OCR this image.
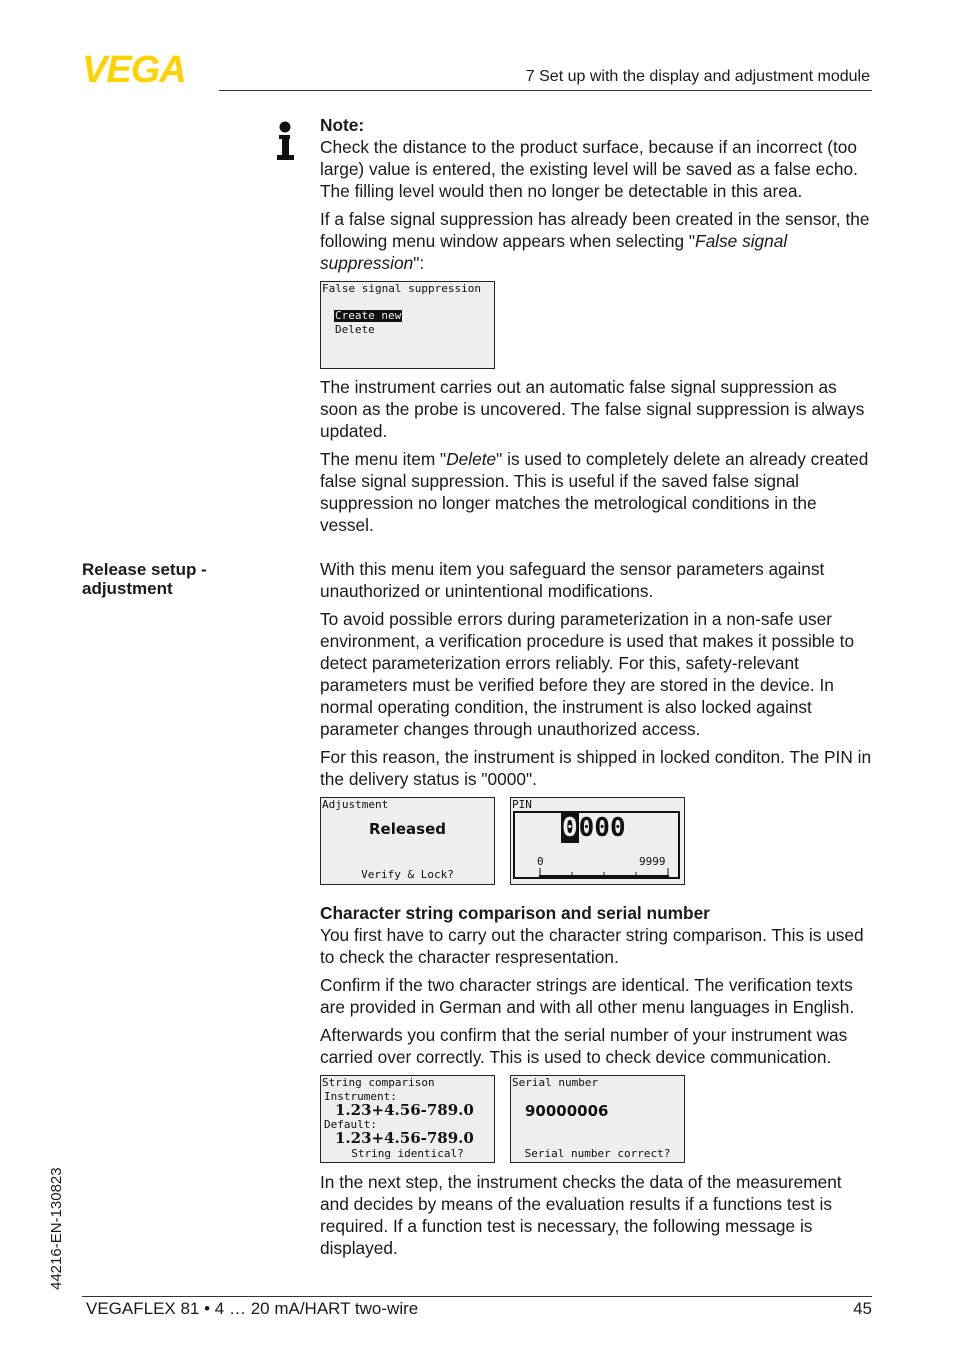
VEGA	7 Set up with the display and adjustment module

Note:
Check the distance to the product surface, because if an incorrect (too large) value is entered, the existing level will be saved as a false echo. The filling level would then no longer be detectable in this area.

If a false signal suppression has already been created in the sensor, the following menu window appears when selecting "False signal suppression":

False signal suppression
Create new
Delete

The instrument carries out an automatic false signal suppression as soon as the probe is uncovered. The false signal suppression is always updated.

The menu item "Delete" is used to completely delete an already created false signal suppression. This is useful if the saved false signal suppression no longer matches the metrological conditions in the vessel.

Release setup - adjustment

With this menu item you safeguard the sensor parameters against unauthorized or unintentional modifications.

To avoid possible errors during parameterization in a non-safe user environment, a verification procedure is used that makes it possible to detect parameterization errors reliably. For this, safety-relevant parameters must be verified before they are stored in the device. In normal operating condition, the instrument is also locked against parameter changes through unauthorized access.

For this reason, the instrument is shipped in locked conditon. The PIN in the delivery status is "0000".

Adjustment
Released
Verify & Lock?
PIN
0000
0	9999

Character string comparison and serial number
You first have to carry out the character string comparison. This is used to check the character respresentation.

Confirm if the two character strings are identical. The verification texts are provided in German and with all other menu languages in English.

Afterwards you confirm that the serial number of your instrument was carried over correctly. This is used to check device communication.

String comparison
Instrument:
1.23+4.56-789.0
Default:
1.23+4.56-789.0
String identical?
Serial number
90000006
Serial number correct?

In the next step, the instrument checks the data of the measurement and decides by means of the evaluation results if a functions test is required. If a function test is necessary, the following message is displayed.

44216-EN-130823
VEGAFLEX 81 • 4 … 20 mA/HART two-wire	45
